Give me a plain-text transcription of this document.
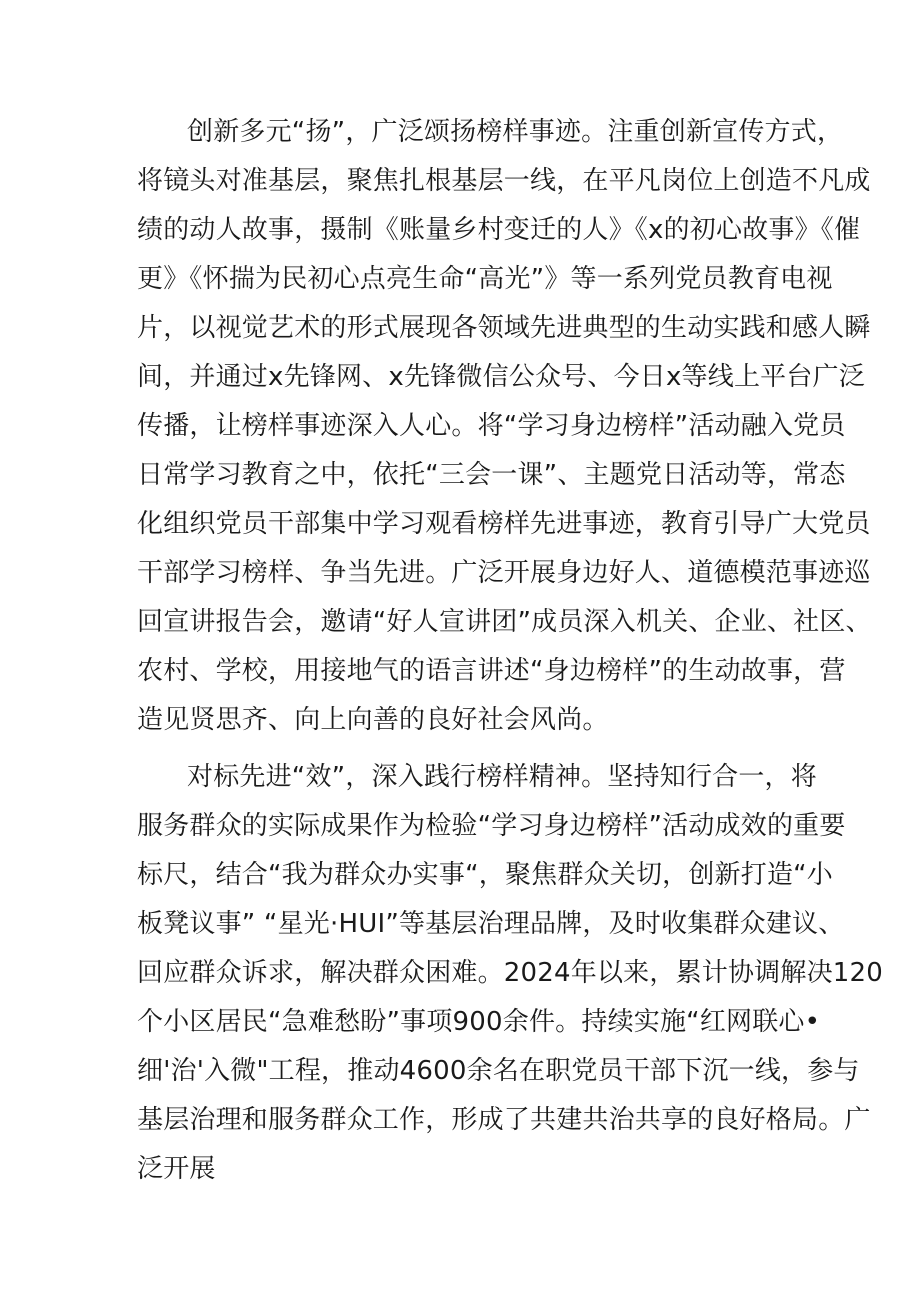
创新多元“扬”，广泛颂扬榜样事迹。注重创新宣传方式，
将镜头对准基层，聚焦扎根基层一线，在平凡岗位上创造不凡成
绩的动人故事，摄制《账量乡村变迁的人》《x的初心故事》《催
更》《怀揣为民初心点亮生命“高光”》等一系列党员教育电视
片，以视觉艺术的形式展现各领域先进典型的生动实践和感人瞬
间，并通过x先锋网、x先锋微信公众号、今日x等线上平台广泛
传播，让榜样事迹深入人心。将“学习身边榜样”活动融入党员
日常学习教育之中，依托“三会一课”、主题党日活动等，常态
化组织党员干部集中学习观看榜样先进事迹，教育引导广大党员
干部学习榜样、争当先进。广泛开展身边好人、道德模范事迹巡
回宣讲报告会，邀请“好人宣讲团”成员深入机关、企业、社区、
农村、学校，用接地气的语言讲述“身边榜样”的生动故事，营
造见贤思齐、向上向善的良好社会风尚。
对标先进“效”，深入践行榜样精神。坚持知行合一，将
服务群众的实际成果作为检验“学习身边榜样”活动成效的重要
标尺，结合“我为群众办实事“，聚焦群众关切，创新打造“小
板凳议事” “星光·HUI”等基层治理品牌，及时收集群众建议、
回应群众诉求，解决群众困难。2024年以来，累计协调解决120
个小区居民“急难愁盼”事项900余件。持续实施“红网联心•
细'治'入微"工程，推动4600余名在职党员干部下沉一线，参与
基层治理和服务群众工作，形成了共建共治共享的良好格局。广
泛开展
